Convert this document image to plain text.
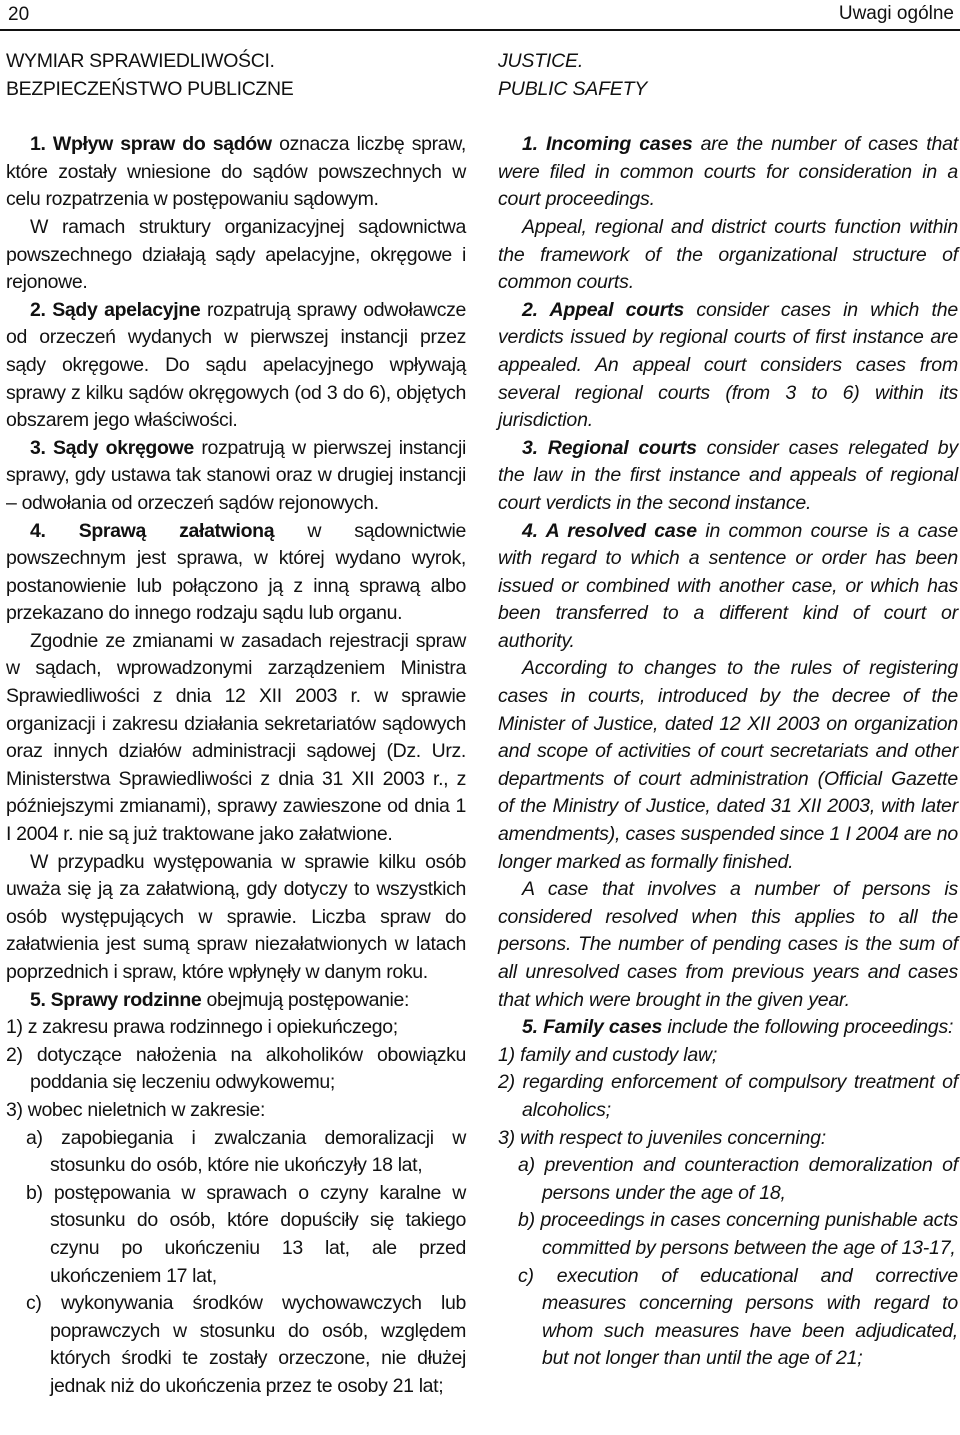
20	Uwagi ogólne
WYMIAR SPRAWIEDLIWOŚCI.
BEZPIECZEŃSTWO PUBLICZNE

1. Wpływ spraw do sądów oznacza liczbę spraw, które zostały wniesione do sądów powszechnych w celu rozpatrzenia w postępowaniu sądowym.

W ramach struktury organizacyjnej sądownictwa powszechnego działają sądy apelacyjne, okręgowe i rejonowe.

2. Sądy apelacyjne rozpatrują sprawy odwoławcze od orzeczeń wydanych w pierwszej instancji przez sądy okręgowe. Do sądu apelacyjnego wpływają sprawy z kilku sądów okręgowych (od 3 do 6), objętych obszarem jego właściwości.

3. Sądy okręgowe rozpatrują w pierwszej instancji sprawy, gdy ustawa tak stanowi oraz w drugiej instancji – odwołania od orzeczeń sądów rejonowych.

4. Sprawą załatwioną w sądownictwie powszechnym jest sprawa, w której wydano wyrok, postanowienie lub połączono ją z inną sprawą albo przekazano do innego rodzaju sądu lub organu.

Zgodnie ze zmianami w zasadach rejestracji spraw w sądach, wprowadzonymi zarządzeniem Ministra Sprawiedliwości z dnia 12 XII 2003 r. w sprawie organizacji i zakresu działania sekretariatów sądowych oraz innych działów administracji sądowej (Dz. Urz. Ministerstwa Sprawiedliwości z dnia 31 XII 2003 r., z późniejszymi zmianami), sprawy zawieszone od dnia 1 I 2004 r. nie są już traktowane jako załatwione.

W przypadku występowania w sprawie kilku osób uważa się ją za załatwioną, gdy dotyczy to wszystkich osób występujących w sprawie. Liczba spraw do załatwienia jest sumą spraw niezałatwionych w latach poprzednich i spraw, które wpłynęły w danym roku.

5. Sprawy rodzinne obejmują postępowanie:

1) z zakresu prawa rodzinnego i opiekuńczego;

2) dotyczące nałożenia na alkoholików obowiązku poddania się leczeniu odwykowemu;

3) wobec nieletnich w zakresie:

a) zapobiegania i zwalczania demoralizacji w stosunku do osób, które nie ukończyły 18 lat,

b) postępowania w sprawach o czyny karalne w stosunku do osób, które dopuściły się takiego czynu po ukończeniu 13 lat, ale przed ukończeniem 17 lat,

c) wykonywania środków wychowawczych lub poprawczych w stosunku do osób, względem których środki te zostały orzeczone, nie dłużej jednak niż do ukończenia przez te osoby 21 lat;

JUSTICE.
PUBLIC SAFETY

1. Incoming cases are the number of cases that were filed in common courts for consideration in a court proceedings.

Appeal, regional and district courts function within the framework of the organizational structure of common courts.

2. Appeal courts consider cases in which the verdicts issued by regional courts of first instance are appealed. An appeal court considers cases from several regional courts (from 3 to 6) within its jurisdiction.

3. Regional courts consider cases relegated by the law in the first instance and appeals of regional court verdicts in the second instance.

4. A resolved case in common course is a case with regard to which a sentence or order has been issued or combined with another case, or which has been transferred to a different kind of court or authority.

According to changes to the rules of registering cases in courts, introduced by the decree of the Minister of Justice, dated 12 XII 2003 on organization and scope of activities of court secretariats and other departments of court administration (Official Gazette of the Ministry of Justice, dated 31 XII 2003, with later amendments), cases suspended since 1 I 2004 are no longer marked as formally finished.

A case that involves a number of persons is considered resolved when this applies to all the persons. The number of pending cases is the sum of all unresolved cases from previous years and cases that which were brought in the given year.

5. Family cases include the following proceedings:

1) family and custody law;

2) regarding enforcement of compulsory treatment of alcoholics;

3) with respect to juveniles concerning:

a) prevention and counteraction demoralization of persons under the age of 18,

b) proceedings in cases concerning punishable acts committed by persons between the age of 13-17,

c) execution of educational and corrective measures concerning persons with regard to whom such measures have been adjudicated, but not longer than until the age of 21;
